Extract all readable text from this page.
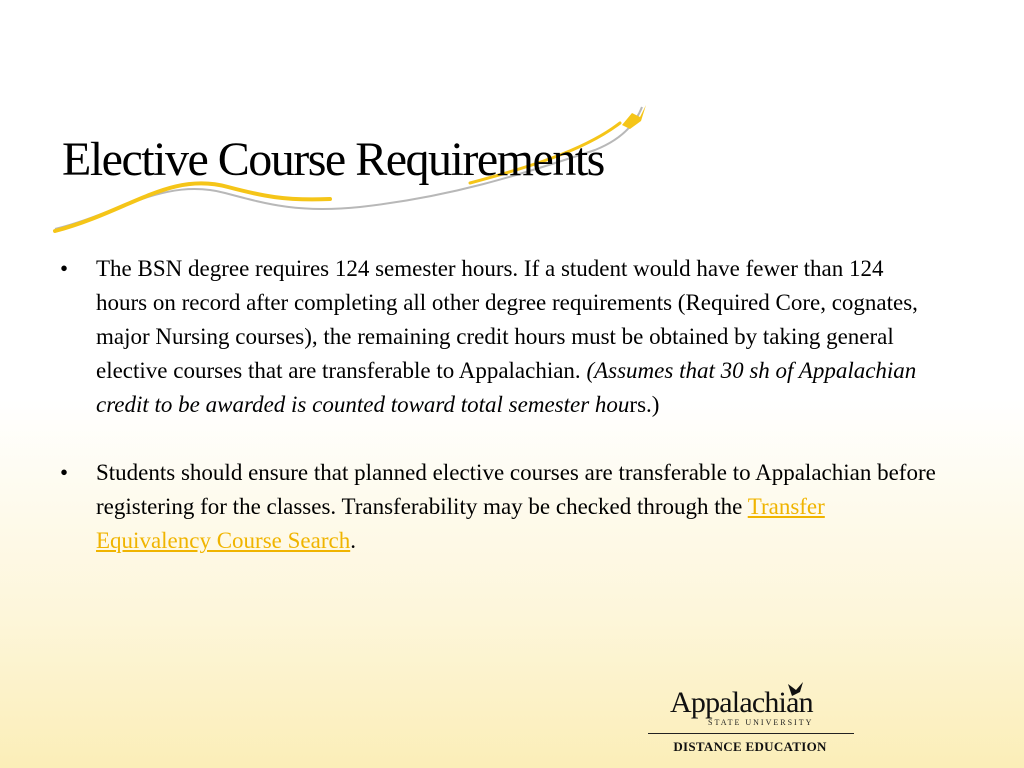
Elective Course Requirements
• The BSN degree requires 124 semester hours. If a student would have fewer than 124 hours on record after completing all other degree requirements (Required Core, cognates, major Nursing courses), the remaining credit hours must be obtained by taking general elective courses that are transferable to Appalachian. (Assumes that 30 sh of Appalachian credit to be awarded is counted toward total semester hours.)
• Students should ensure that planned elective courses are transferable to Appalachian before registering for the classes. Transferability may be checked through the Transfer Equivalency Course Search.
Appalachian
STATE UNIVERSITY
DISTANCE EDUCATION
